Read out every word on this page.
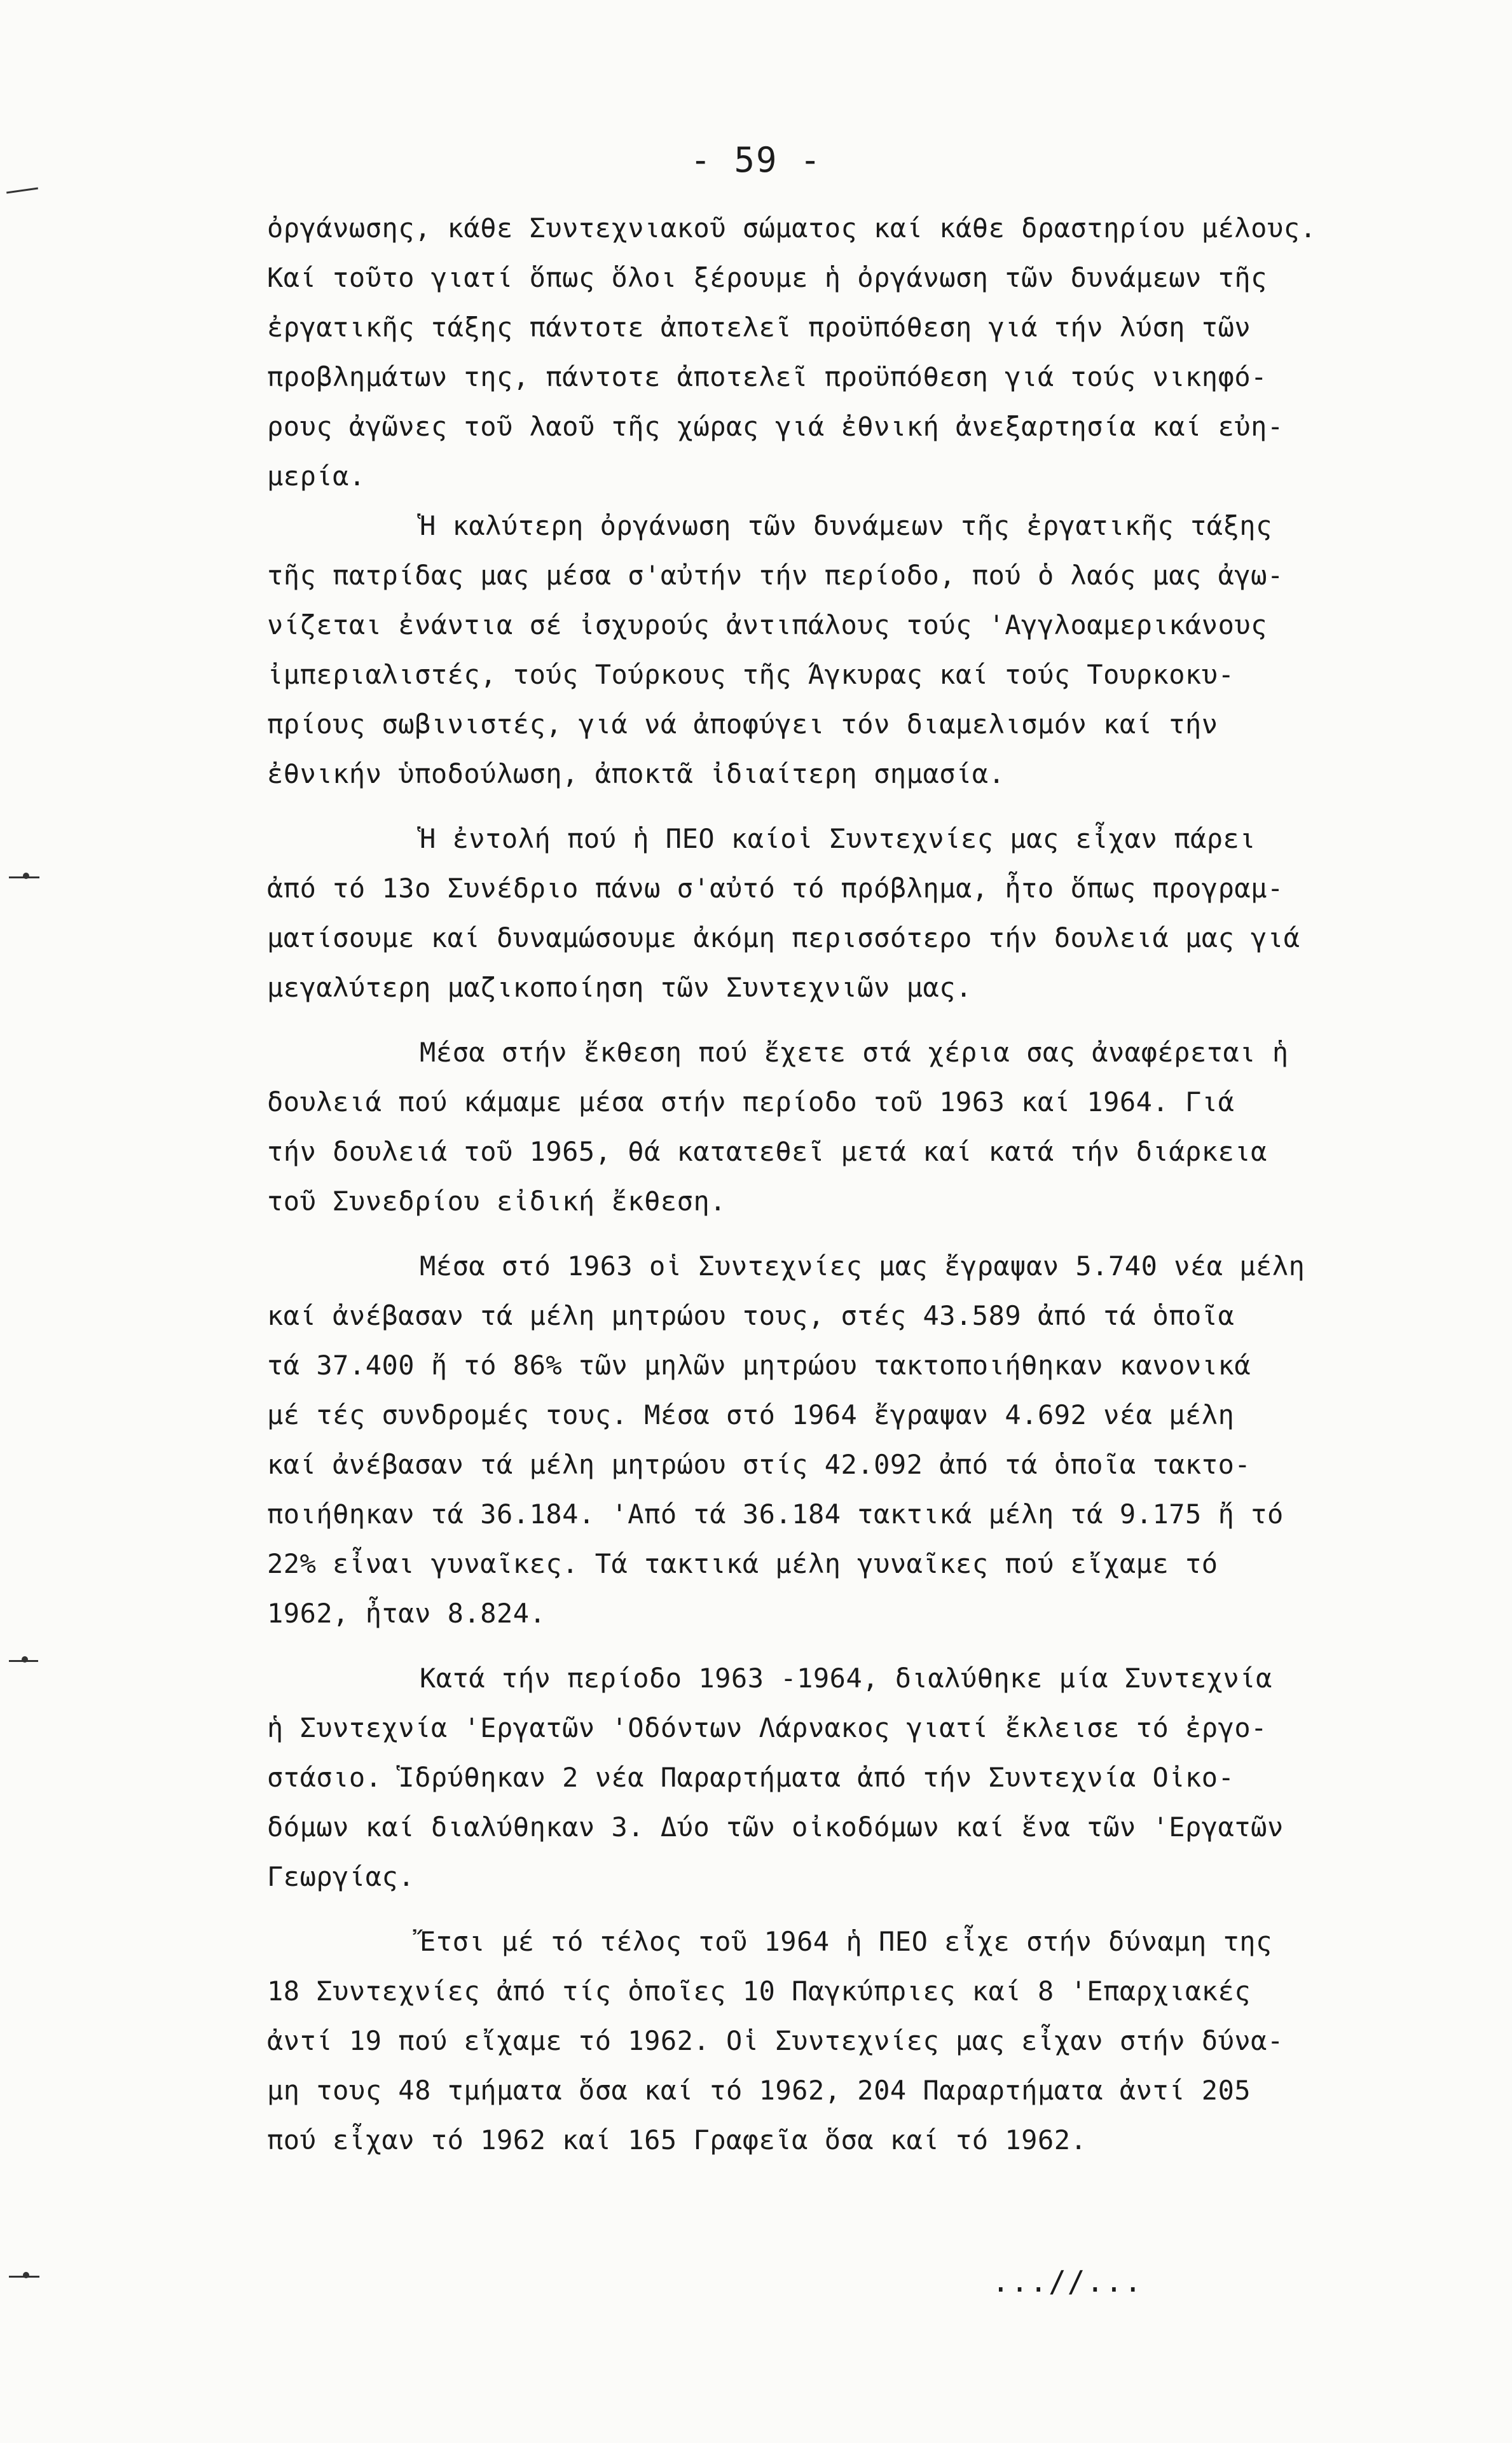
- 59 -
ὀργάνωσης, κάθε Συντεχνιακοῦ σώματος καί κάθε δραστηρίου μέλους.
Καί τοῦτο γιατί ὅπως ὅλοι ξέρουμε ἡ ὀργάνωση τῶν δυνάμεων τῆς
ἐργατικῆς τάξης πάντοτε ἀποτελεῖ προϋπόθεση γιά τήν λύση τῶν
προβλημάτων της, πάντοτε ἀποτελεῖ προϋπόθεση γιά τούς νικηφό-
ρους ἀγῶνες τοῦ λαοῦ τῆς χώρας γιά ἐθνική ἀνεξαρτησία καί εὐη-
μερία.
Ἡ καλύτερη ὀργάνωση τῶν δυνάμεων τῆς ἐργατικῆς τάξης
τῆς πατρίδας μας μέσα σ'αὐτήν τήν περίοδο, πού ὁ λαός μας ἀγω-
νίζεται ἐνάντια σέ ἰσχυρούς ἀντιπάλους τούς 'Αγγλοαμερικάνους
ἰμπεριαλιστές, τούς Τούρκους τῆς Άγκυρας καί τούς Τουρκοκυ-
πρίους σωβινιστές, γιά νά ἀποφύγει τόν διαμελισμόν καί τήν
ἐθνικήν ὑποδούλωση, ἀποκτᾶ ἰδιαίτερη σημασία.
Ἡ ἐντολή πού ἡ ΠΕΟ καίοἱ Συντεχνίες μας εἶχαν πάρει
ἀπό τό 13ο Συνέδριο πάνω σ'αὐτό τό πρόβλημα, ἦτο ὅπως προγραμ-
ματίσουμε καί δυναμώσουμε ἀκόμη περισσότερο τήν δουλειά μας γιά
μεγαλύτερη μαζικοποίηση τῶν Συντεχνιῶν μας.
Μέσα στήν ἔκθεση πού ἔχετε στά χέρια σας ἀναφέρεται ἡ
δουλειά πού κάμαμε μέσα στήν περίοδο τοῦ 1963 καί 1964. Γιά
τήν δουλειά τοῦ 1965, θά κατατεθεῖ μετά καί κατά τήν διάρκεια
τοῦ Συνεδρίου εἰδική ἔκθεση.
Μέσα στό 1963 οἱ Συντεχνίες μας ἔγραψαν 5.740 νέα μέλη
καί ἀνέβασαν τά μέλη μητρώου τους, στές 43.589 ἀπό τά ὁποῖα
τά 37.400 ἤ τό 86% τῶν μηλῶν μητρώου τακτοποιήθηκαν κανονικά
μέ τές συνδρομές τους. Μέσα στό 1964 ἔγραψαν 4.692 νέα μέλη
καί ἀνέβασαν τά μέλη μητρώου στίς 42.092 ἀπό τά ὁποῖα τακτο-
ποιήθηκαν τά 36.184. 'Από τά 36.184 τακτικά μέλη τά 9.175 ἤ τό
22% εἶναι γυναῖκες. Τά τακτικά μέλη γυναῖκες πού εἴχαμε τό
1962, ἦταν 8.824.
Κατά τήν περίοδο 1963 -1964, διαλύθηκε μία Συντεχνία
ἡ Συντεχνία 'Εργατῶν 'Οδόντων Λάρνακος γιατί ἔκλεισε τό ἐργο-
στάσιο. Ἱδρύθηκαν 2 νέα Παραρτήματα ἀπό τήν Συντεχνία Οἰκο-
δόμων καί διαλύθηκαν 3. Δύο τῶν οἰκοδόμων καί ἕνα τῶν 'Εργατῶν
Γεωργίας.
Ἔτσι μέ τό τέλος τοῦ 1964 ἡ ΠΕΟ εἶχε στήν δύναμη της
18 Συντεχνίες ἀπό τίς ὁποῖες 10 Παγκύπριες καί 8 'Επαρχιακές
ἀντί 19 πού εἴχαμε τό 1962. Οἱ Συντεχνίες μας εἶχαν στήν δύνα-
μη τους 48 τμήματα ὅσα καί τό 1962, 204 Παραρτήματα ἀντί 205
πού εἶχαν τό 1962 καί 165 Γραφεῖα ὅσα καί τό 1962.
...//...
